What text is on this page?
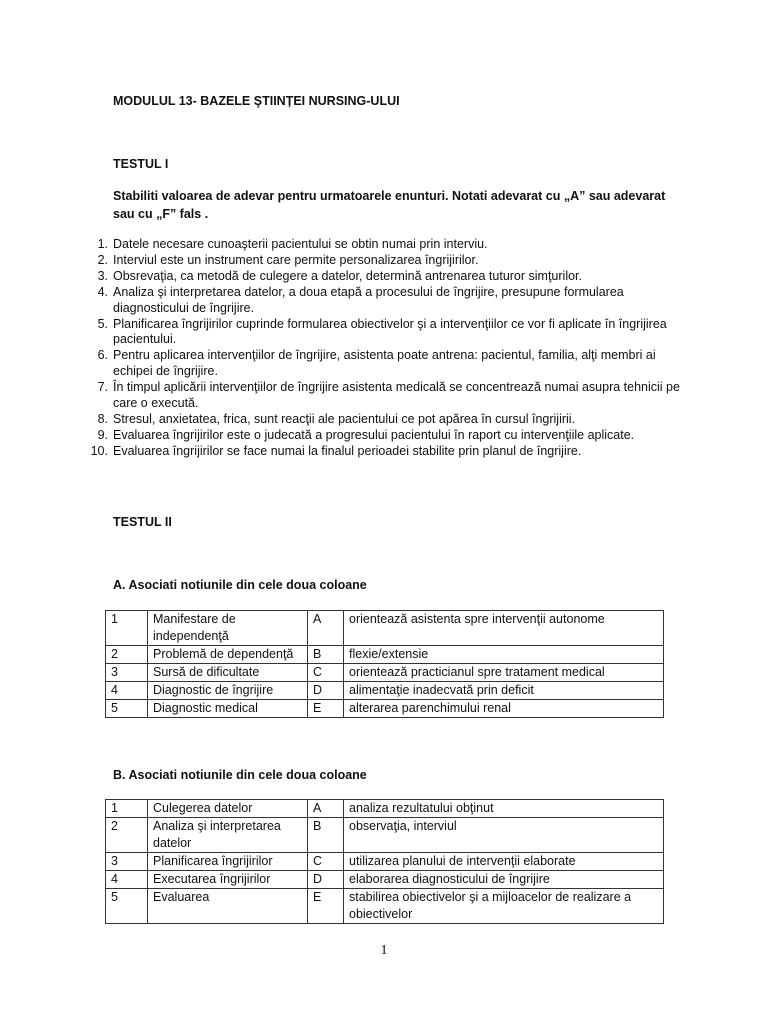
MODULUL 13- BAZELE ŞTIINȚEI NURSING-ULUI
TESTUL I
Stabiliti valoarea de adevar pentru urmatoarele enunturi. Notati adevarat cu „A” sau adevarat sau cu „F” fals .
1. Datele necesare cunoaşterii pacientului se obtin numai prin interviu.
2. Interviul este un instrument care permite personalizarea îngrijirilor.
3. Obsrevaţia, ca metodă de culegere a datelor, determină antrenarea tuturor simţurilor.
4. Analiza şi interpretarea datelor, a doua etapă a procesului de îngrijire, presupune formularea diagnosticului de îngrijire.
5. Planificarea îngrijirilor cuprinde formularea obiectivelor şi a intervenţiilor ce vor fi aplicate în îngrijirea pacientului.
6. Pentru aplicarea intervenţiilor de îngrijire, asistenta poate antrena: pacientul, familia, alţi membri ai echipei de îngrijire.
7. În timpul aplicării intervenţiilor de îngrijire asistenta medicală se concentrează numai asupra tehnicii pe care o execută.
8. Stresul, anxietatea, frica, sunt reacţii ale pacientului ce pot apărea în cursul îngrijirii.
9. Evaluarea îngrijirilor este o judecată a progresului pacientului în raport cu intervenţiile aplicate.
10. Evaluarea îngrijirilor se face numai la finalul perioadei stabilite prin planul de îngrijire.
TESTUL II
A. Asociati notiunile din cele doua coloane
1	Manifestare de independenţă	A	orientează asistenta spre intervenţii autonome
2	Problemă de dependenţă	B	flexie/extensie
3	Sursă de dificultate	C	orientează practicianul spre tratament medical
4	Diagnostic de îngrijire	D	alimentaţie inadecvată prin deficit
5	Diagnostic medical	E	alterarea parenchimului renal
B. Asociati notiunile din cele doua coloane
1	Culegerea datelor	A	analiza rezultatului obţinut
2	Analiza şi interpretarea datelor	B	observaţia, interviul
3	Planificarea îngrijirilor	C	utilizarea planului de intervenţii elaborate
4	Executarea îngrijirilor	D	elaborarea diagnosticului de îngrijire
5	Evaluarea	E	stabilirea obiectivelor şi a mijloacelor de realizare a obiectivelor
1
